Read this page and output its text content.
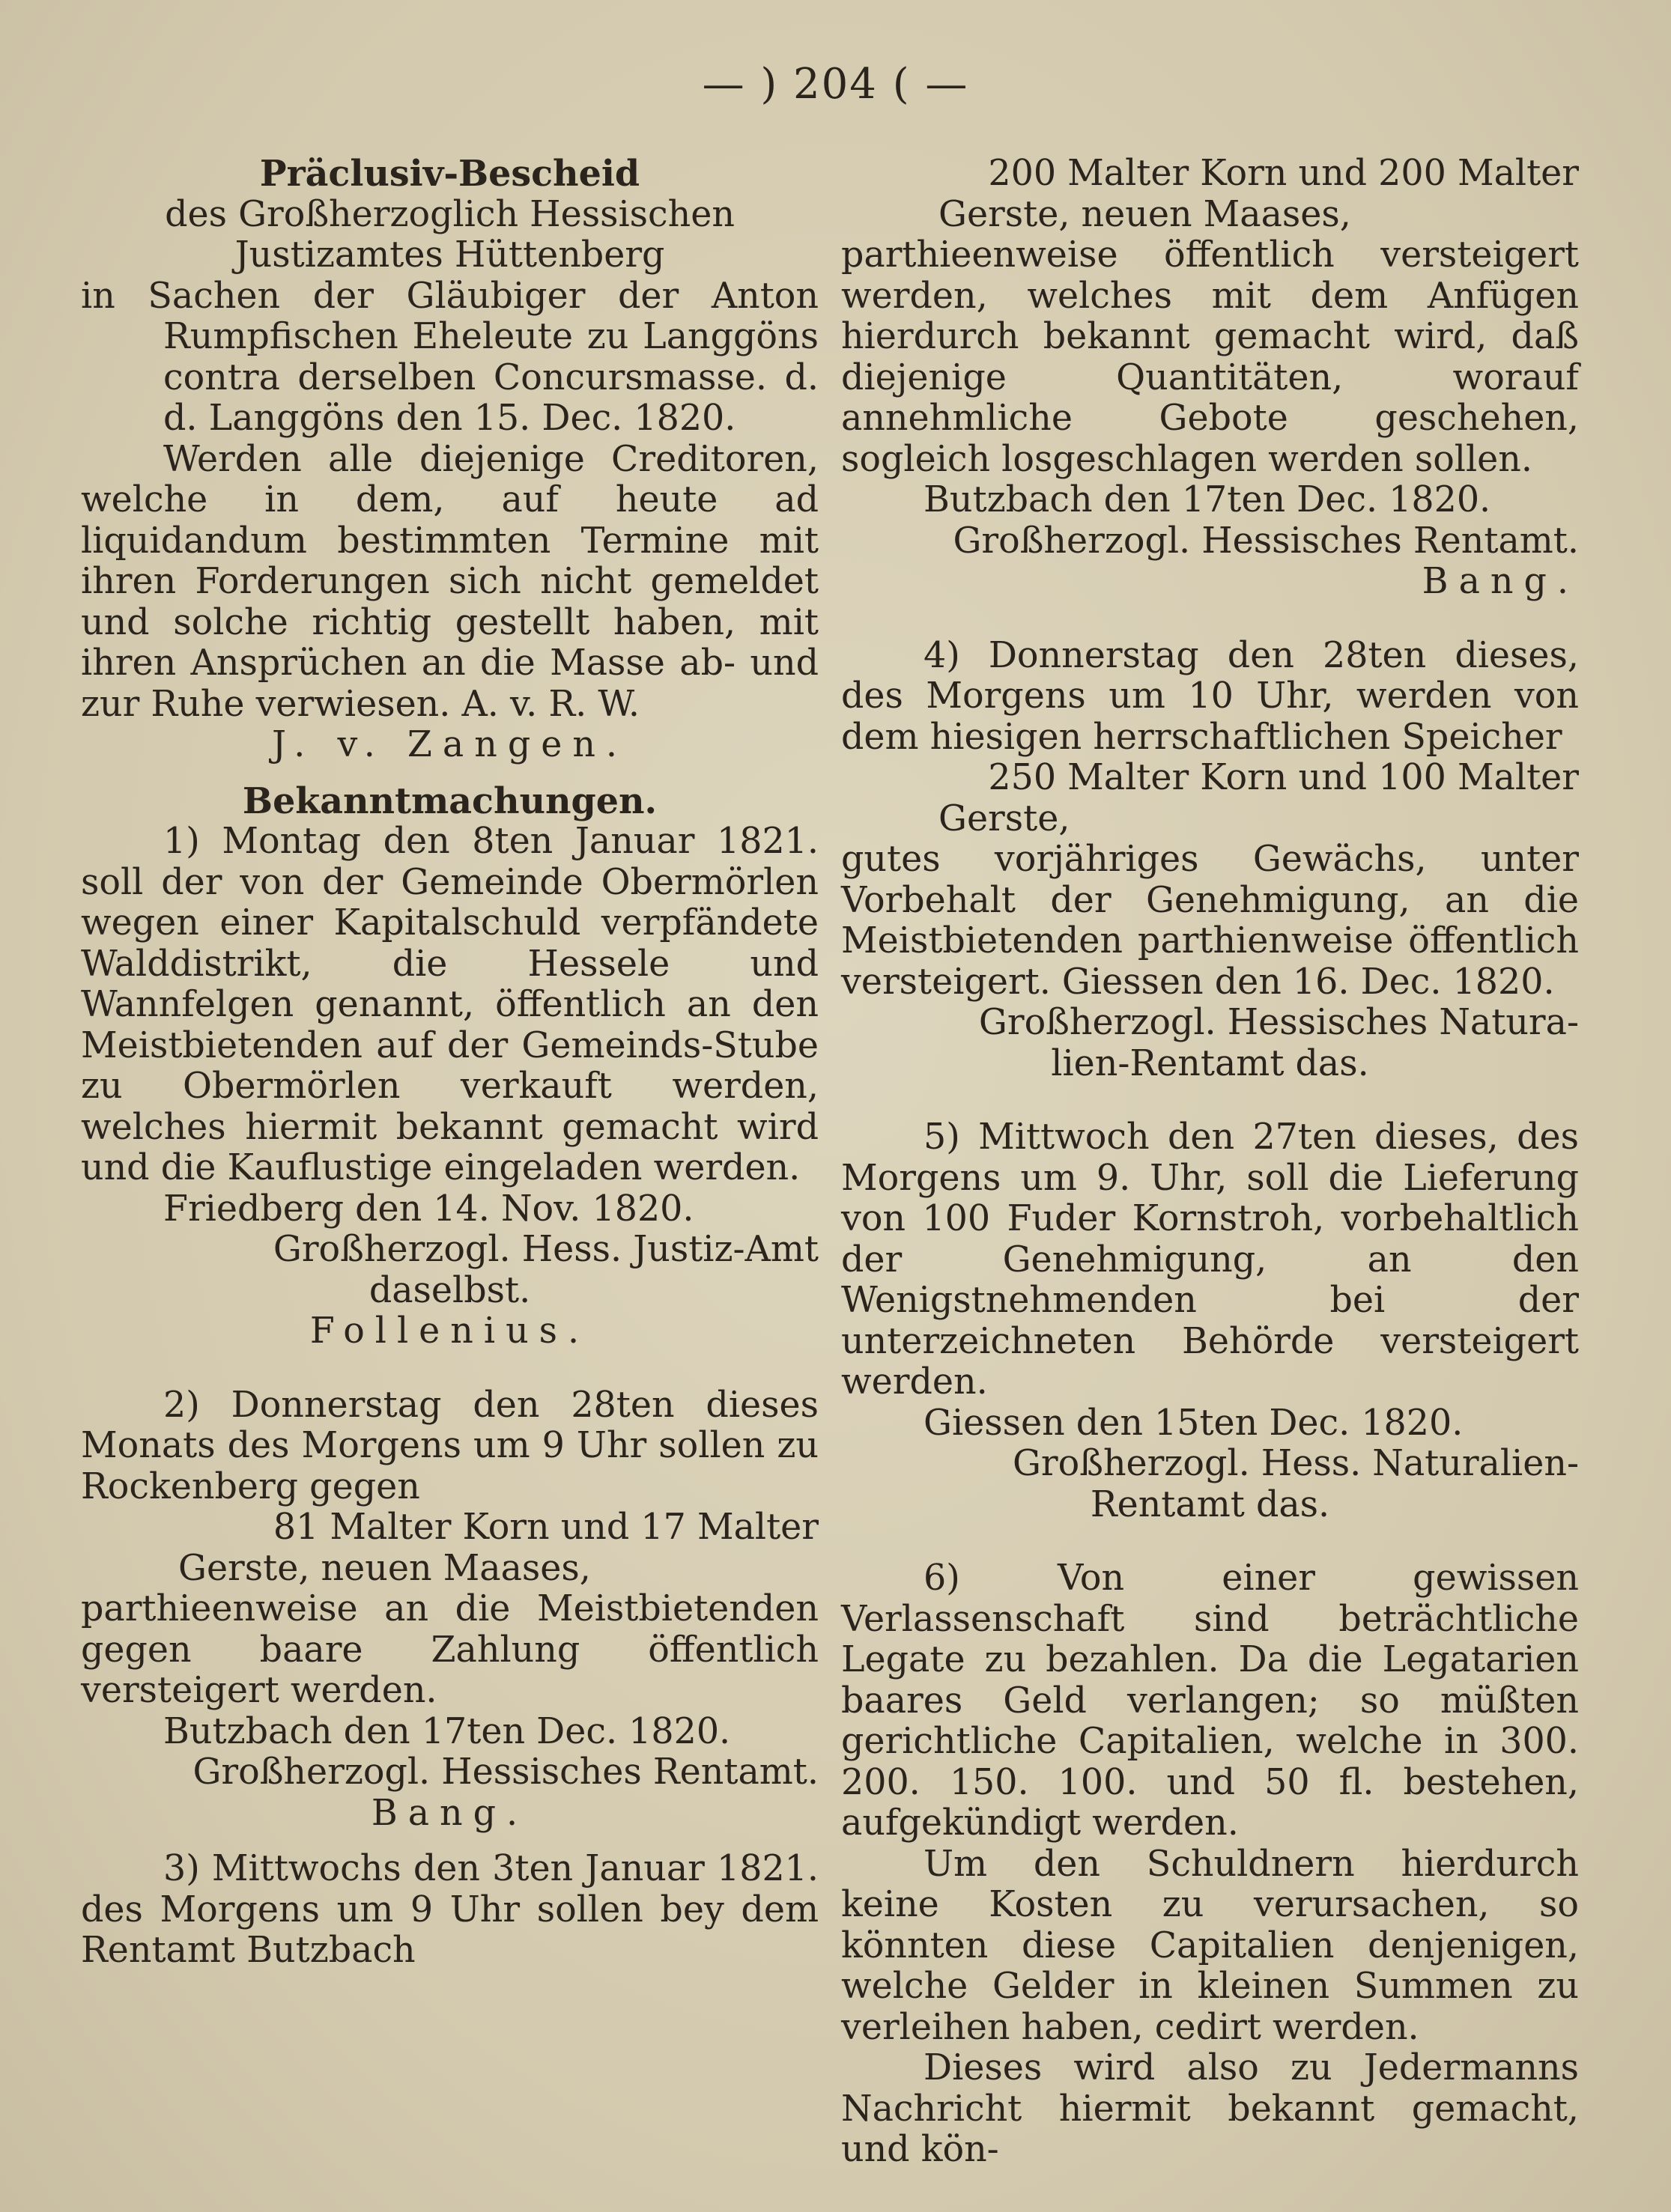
— ) 204 ( —

Präclusiv-Bescheid

des Großherzoglich Hessischen Justizamtes Hüttenberg

in Sachen der Gläubiger der Anton Rumpfischen Eheleute zu Langgöns contra derselben Concursmasse. d. d. Langgöns den 15. Dec. 1820.

Werden alle diejenige Creditoren, welche in dem, auf heute ad liquidandum bestimmten Termine mit ihren Forderungen sich nicht gemeldet und solche richtig gestellt haben, mit ihren Ansprüchen an die Masse ab- und zur Ruhe verwiesen. A. v. R. W.

J. v. Zangen.

Bekanntmachungen.

1) Montag den 8ten Januar 1821. soll der von der Gemeinde Obermörlen wegen einer Kapitalschuld verpfändete Walddistrikt, die Hessele und Wannfelgen genannt, öffentlich an den Meistbietenden auf der Gemeinds-Stube zu Obermörlen verkauft werden, welches hiermit bekannt gemacht wird und die Kauflustige eingeladen werden.

Friedberg den 14. Nov. 1820.

Großherzogl. Hess. Justiz-Amt

daselbst.

Follenius.

2) Donnerstag den 28ten dieses Monats des Morgens um 9 Uhr sollen zu Rockenberg gegen

81 Malter Korn und 17 Malter

Gerste, neuen Maases,

parthieenweise an die Meistbietenden gegen baare Zahlung öffentlich versteigert werden.

Butzbach den 17ten Dec. 1820.

Großherzogl. Hessisches Rentamt.

Bang.

3) Mittwochs den 3ten Januar 1821. des Morgens um 9 Uhr sollen bey dem Rentamt Butzbach

200 Malter Korn und 200 Malter

Gerste, neuen Maases,

parthieenweise öffentlich versteigert werden, welches mit dem Anfügen hierdurch bekannt gemacht wird, daß diejenige Quantitäten, worauf annehmliche Gebote geschehen, sogleich losgeschlagen werden sollen.

Butzbach den 17ten Dec. 1820.

Großherzogl. Hessisches Rentamt.

Bang.

4) Donnerstag den 28ten dieses, des Morgens um 10 Uhr, werden von dem hiesigen herrschaftlichen Speicher

250 Malter Korn und 100 Malter

Gerste,

gutes vorjähriges Gewächs, unter Vorbehalt der Genehmigung, an die Meistbietenden parthienweise öffentlich versteigert. Giessen den 16. Dec. 1820.

Großherzogl. Hessisches Natura-

lien-Rentamt das.

5) Mittwoch den 27ten dieses, des Morgens um 9. Uhr, soll die Lieferung von 100 Fuder Kornstroh, vorbehaltlich der Genehmigung, an den Wenigstnehmenden bei der unterzeichneten Behörde versteigert werden.

Giessen den 15ten Dec. 1820.

Großherzogl. Hess. Naturalien-

Rentamt das.

6) Von einer gewissen Verlassenschaft sind beträchtliche Legate zu bezahlen. Da die Legatarien baares Geld verlangen; so müßten gerichtliche Capitalien, welche in 300. 200. 150. 100. und 50 fl. bestehen, aufgekündigt werden.

Um den Schuldnern hierdurch keine Kosten zu verursachen, so könnten diese Capitalien denjenigen, welche Gelder in kleinen Summen zu verleihen haben, cedirt werden.

Dieses wird also zu Jedermanns Nachricht hiermit bekannt gemacht, und kön-
